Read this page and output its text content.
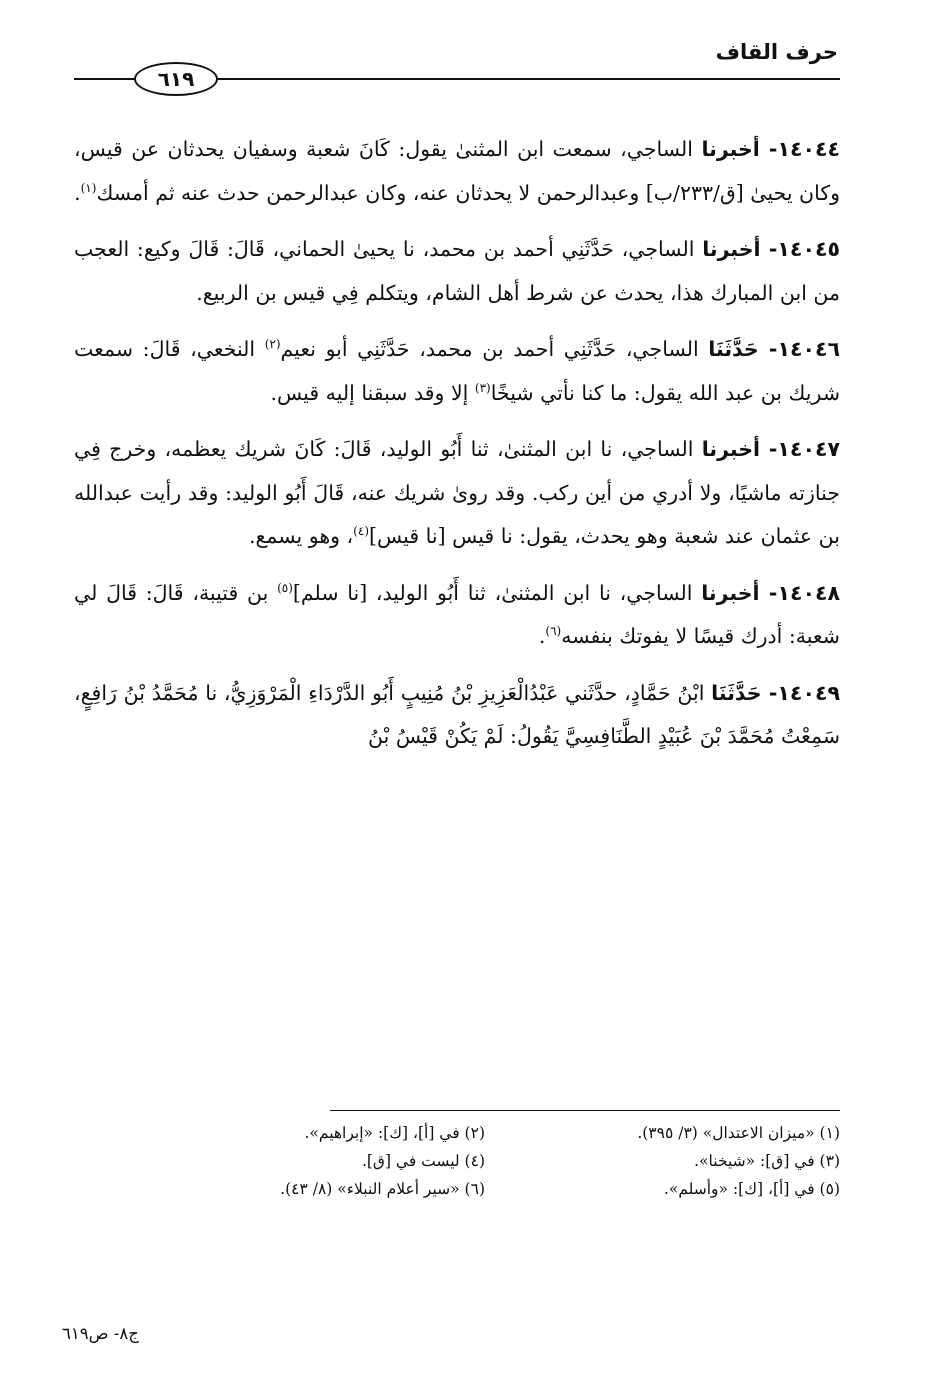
حرف القاف
٦١٩

١٤٠٤٤- أخبرنا الساجي، سمعت ابن المثنىٰ يقول: كَانَ شعبة وسفيان يحدثان عن قيس، وكان يحيىٰ [ق/٢٣٣/ب] وعبدالرحمن لا يحدثان عنه، وكان عبدالرحمن حدث عنه ثم أمسك$^{(١)}$.

١٤٠٤٥- أخبرنا الساجي، حَدَّثَنِي أحمد بن محمد، نا يحيىٰ الحماني، قَالَ: قَالَ وكيع: العجب من ابن المبارك هذا، يحدث عن شرط أهل الشام، ويتكلم فِي قيس بن الربيع.

١٤٠٤٦- حَدَّثَنَا الساجي، حَدَّثَنِي أحمد بن محمد، حَدَّثَنِي أبو نعيم$^{(٢)}$ النخعي، قَالَ: سمعت شريك بن عبد الله يقول: ما كنا نأتي شيخًا$^{(٣)}$ إلا وقد سبقنا إليه قيس.

١٤٠٤٧- أخبرنا الساجي، نا ابن المثنىٰ، ثنا أَبُو الوليد، قَالَ: كَانَ شريك يعظمه، وخرج فِي جنازته ماشيًا، ولا أدري من أين ركب. وقد روىٰ شريك عنه، قَالَ أَبُو الوليد: وقد رأيت عبدالله بن عثمان عند شعبة وهو يحدث، يقول: نا قيس [نا قيس]$^{(٤)}$، وهو يسمع.

١٤٠٤٨- أخبرنا الساجي، نا ابن المثنىٰ، ثنا أَبُو الوليد، [نا سلم]$^{(٥)}$ بن قتيبة، قَالَ: قَالَ لي شعبة: أدرك قيسًا لا يفوتك بنفسه$^{(٦)}$.

١٤٠٤٩- حَدَّثَنَا ابْنُ حَمَّادٍ، حدَّثَني عَبْدُالْعَزِيزِ بْنُ مُنِيبٍ أَبُو الدَّرْدَاءِ الْمَرْوَزِيُّ، نا مُحَمَّدُ بْنُ رَافِعٍ، سَمِعْتُ مُحَمَّدَ بْنَ عُبَيْدٍ الطَّنَافِسِيَّ يَقُولُ: لَمْ يَكُنْ قَيْسُ بْنُ

(١) «ميزان الاعتدال» (٣/ ٣٩٥).
(٢) في [أ]، [ك]: «إبراهيم».
(٣) في [ق]: «شيخنا».
(٤) ليست في [ق].
(٥) في [أ]، [ك]: «وأسلم».
(٦) «سير أعلام النبلاء» (٨/ ٤٣).
ج٨- ص٦١٩
